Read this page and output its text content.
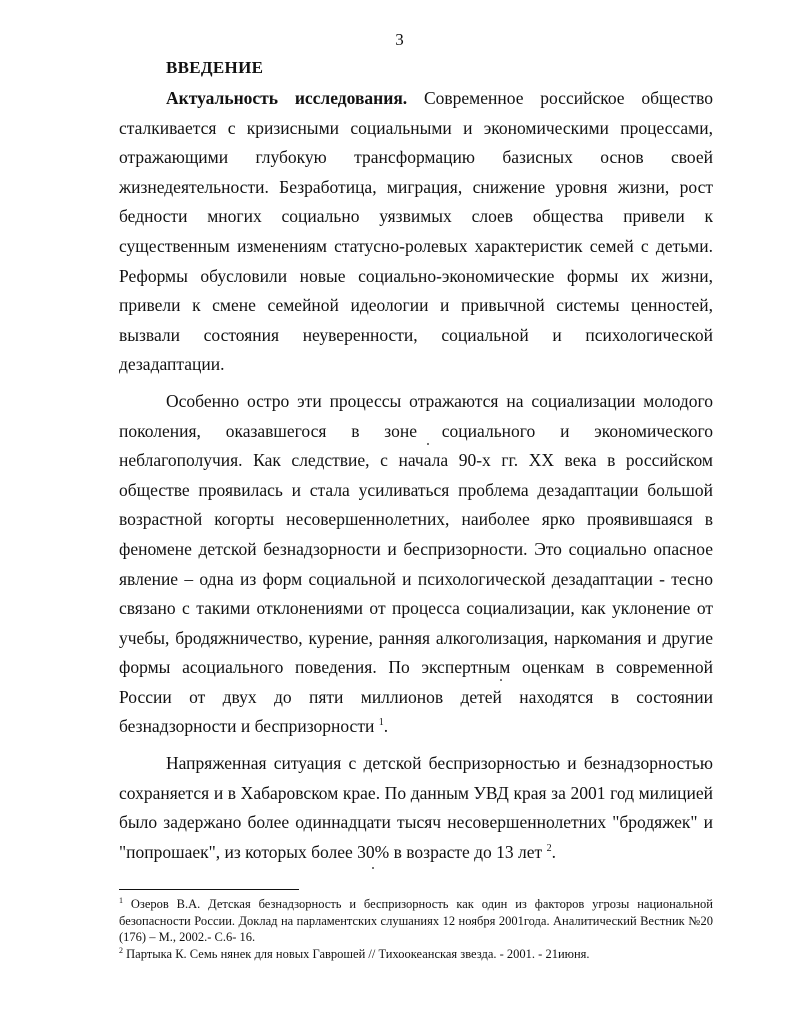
3
ВВЕДЕНИЕ

Актуальность исследования. Современное российское общество сталкивается с кризисными социальными и экономическими процессами, отражающими глубокую трансформацию базисных основ своей жизнедеятельности. Безработица, миграция, снижение уровня жизни, рост бедности многих социально уязвимых слоев общества привели к существенным изменениям статусно-ролевых характеристик семей с детьми. Реформы обусловили новые социально-экономические формы их жизни, привели к смене семейной идеологии и привычной системы ценностей, вызвали состояния неуверенности, социальной и психологической дезадаптации.

Особенно остро эти процессы отражаются на социализации молодого поколения, оказавшегося в зоне социального и экономического неблагополучия. Как следствие, с начала 90-х гг. XX века в российском обществе проявилась и стала усиливаться проблема дезадаптации большой возрастной когорты несовершеннолетних, наиболее ярко проявившаяся в феномене детской безнадзорности и беспризорности. Это социально опасное явление – одна из форм социальной и психологической дезадаптации - тесно связано с такими отклонениями от процесса социализации, как уклонение от учебы, бродяжничество, курение, ранняя алкоголизация, наркомания и другие формы асоциального поведения. По экспертным оценкам в современной России от двух до пяти миллионов детей находятся в состоянии безнадзорности и беспризорности $^1$.

Напряженная ситуация с детской беспризорностью и безнадзорностью сохраняется и в Хабаровском крае. По данным УВД края за 2001 год милицией было задержано более одиннадцати тысяч несовершеннолетних "бродяжек" и "попрошаек", из которых более 30% в возрасте до 13 лет $^2$.

$^1$ Озеров В.А. Детская безнадзорность и беспризорность как один из факторов угрозы национальной безопасности России. Доклад на парламентских слушаниях 12 ноября 2001года. Аналитический Вестник №20 (176) – М., 2002.- С.6- 16.

$^2$ Партыка К. Семь нянек для новых Гаврошей // Тихоокеанская звезда. - 2001. - 21июня.
